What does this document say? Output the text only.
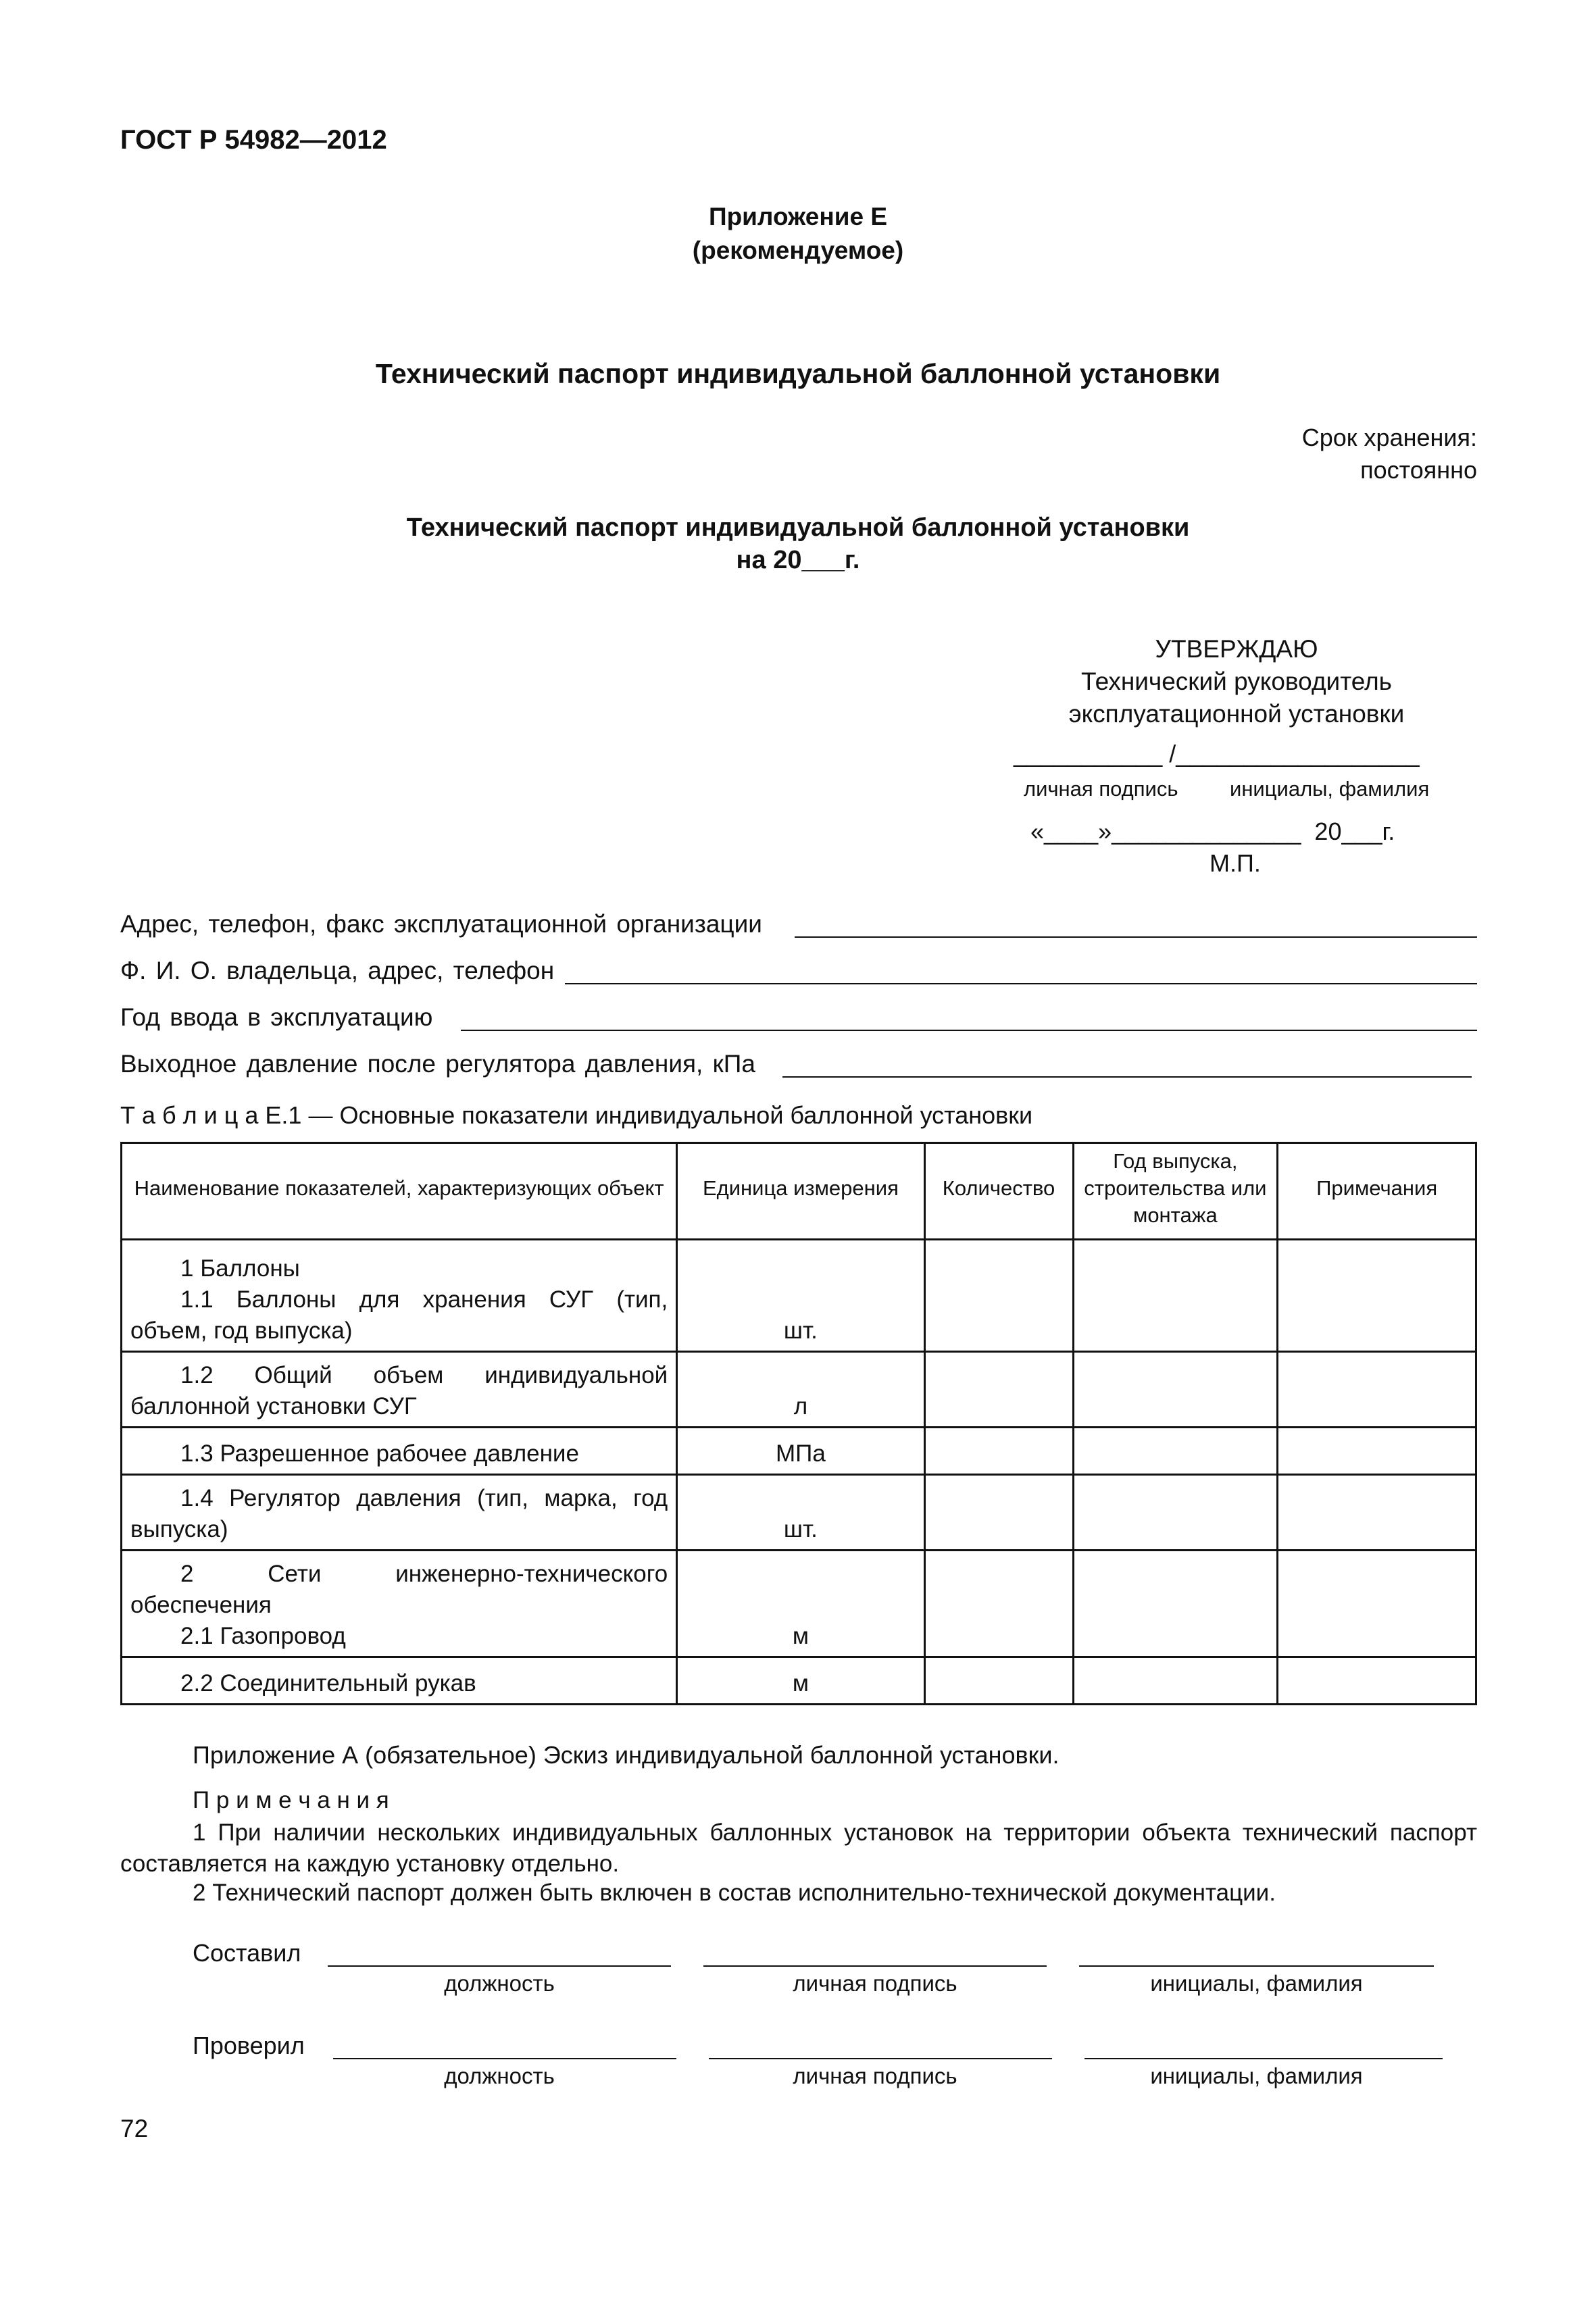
ГОСТ Р 54982—2012
Приложение Е
(рекомендуемое)
Технический паспорт индивидуальной баллонной установки
Срок хранения:
постоянно
Технический паспорт индивидуальной баллонной установки
на 20___г.
УТВЕРЖДАЮ
Технический руководитель
эксплуатационной установки
___________ /__________________
личная подпись инициалы, фамилия
«____»______________  20___г.
М.П.
Адрес, телефон, факс эксплуатационной организации
Ф. И. О. владельца, адрес, телефон
Год ввода в эксплуатацию
Выходное давление после регулятора давления, кПа
Т а б л и ц а Е.1 — Основные показатели индивидуальной баллонной установки
Наименование показателей, характеризующих объект	Единица измерения	Количество	Год выпуска, строительства или монтажа	Примечания

1 Баллоны
1.1 Баллоны для хранения СУГ (тип, объем, год выпуска)	шт.			

1.2 Общий объем индивидуальной баллонной установки СУГ	л			

1.3 Разрешенное рабочее давление	МПа			

1.4 Регулятор давления (тип, марка, год выпуска)	шт.			

2 Сети инженерно-технического обеспечения
2.1 Газопровод	м			

2.2 Соединительный рукав	м			
Приложение А (обязательное) Эскиз индивидуальной баллонной установки.
П р и м е ч а н и я
1 При наличии нескольких индивидуальных баллонных установок на территории объекта технический паспорт составляется на каждую установку отдельно.
2 Технический паспорт должен быть включен в состав исполнительно-технической документации.
Составил
должность	личная подпись	инициалы, фамилия
Проверил
должность	личная подпись	инициалы, фамилия
72
